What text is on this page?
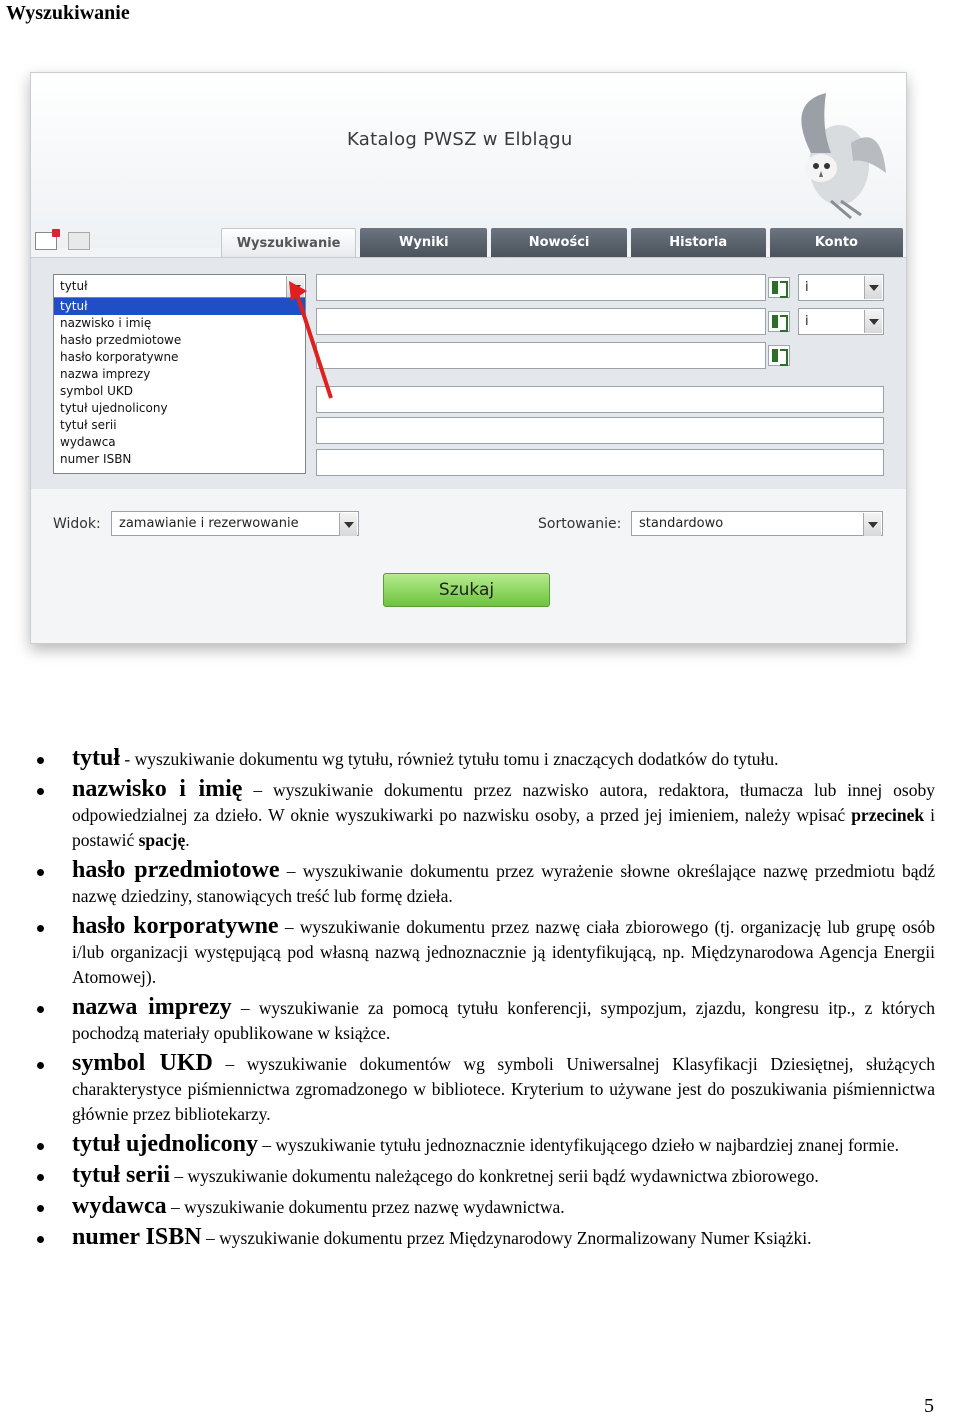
Wyszukiwanie
Katalog PWSZ w Elblągu

Wyszukiwanie	Wyniki	Nowości	Historia	Konto
i
i
tytuł
tytuł
nazwisko i imię
hasło przedmiotowe
hasło korporatywne
nazwa imprezy
symbol UKD
tytuł ujednolicony
tytuł serii
wydawca
numer ISBN
Widok:	zamawianie i rezerwowanie	Sortowanie:	standardowo
Szukaj

tytuł - wyszukiwanie dokumentu wg tytułu, również tytułu tomu i znaczących dodatków do tytułu.

nazwisko i imię – wyszukiwanie dokumentu przez nazwisko autora, redaktora, tłumacza lub innej osoby odpowiedzialnej za dzieło. W oknie wyszukiwarki po nazwisku osoby, a przed jej imieniem, należy wpisać przecinek i postawić spację.

hasło przedmiotowe – wyszukiwanie dokumentu przez wyrażenie słowne określające nazwę przedmiotu bądź nazwę dziedziny, stanowiących treść lub formę dzieła.

hasło korporatywne – wyszukiwanie dokumentu przez nazwę ciała zbiorowego (tj. organizację lub grupę osób i/lub organizacji występującą pod własną nazwą jednoznacznie ją identyfikującą, np. Międzynarodowa Agencja Energii Atomowej).

nazwa imprezy – wyszukiwanie za pomocą tytułu konferencji, sympozjum, zjazdu, kongresu itp., z których pochodzą materiały opublikowane w książce.

symbol UKD – wyszukiwanie dokumentów wg symboli Uniwersalnej Klasyfikacji Dziesiętnej, służących charakterystyce piśmiennictwa zgromadzonego w bibliotece. Kryterium to używane jest do poszukiwania piśmiennictwa głównie przez bibliotekarzy.

tytuł ujednolicony – wyszukiwanie tytułu jednoznacznie identyfikującego dzieło w najbardziej znanej formie.

tytuł serii – wyszukiwanie dokumentu należącego do konkretnej serii bądź wydawnictwa zbiorowego.

wydawca – wyszukiwanie dokumentu przez nazwę wydawnictwa.

numer ISBN – wyszukiwanie dokumentu przez Międzynarodowy Znormalizowany Numer Książki.

5
